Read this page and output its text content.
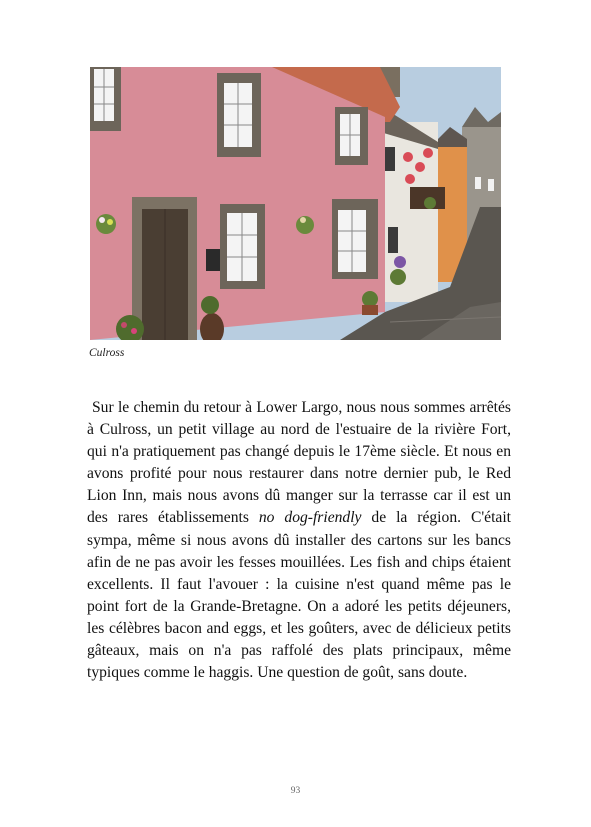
Culross

Sur le chemin du retour à Lower Largo, nous nous sommes arrêtés à Culross, un petit village au nord de l'estuaire de la rivière Fort, qui n'a pratiquement pas changé depuis le 17ème siècle. Et nous en avons profité pour nous restaurer dans notre dernier pub, le Red Lion Inn, mais nous avons dû manger sur la terrasse car il est un des rares établissements no dog-friendly de la région. C'était sympa, même si nous avons dû installer des cartons sur les bancs afin de ne pas avoir les fesses mouillées. Les fish and chips étaient excellents. Il faut l'avouer : la cuisine n'est quand même pas le point fort de la Grande-Bretagne. On a adoré les petits déjeuners, les célèbres bacon and eggs, et les goûters, avec de délicieux petits gâteaux, mais on n'a pas raffolé des plats principaux, même typiques comme le haggis. Une question de goût, sans doute.

93
